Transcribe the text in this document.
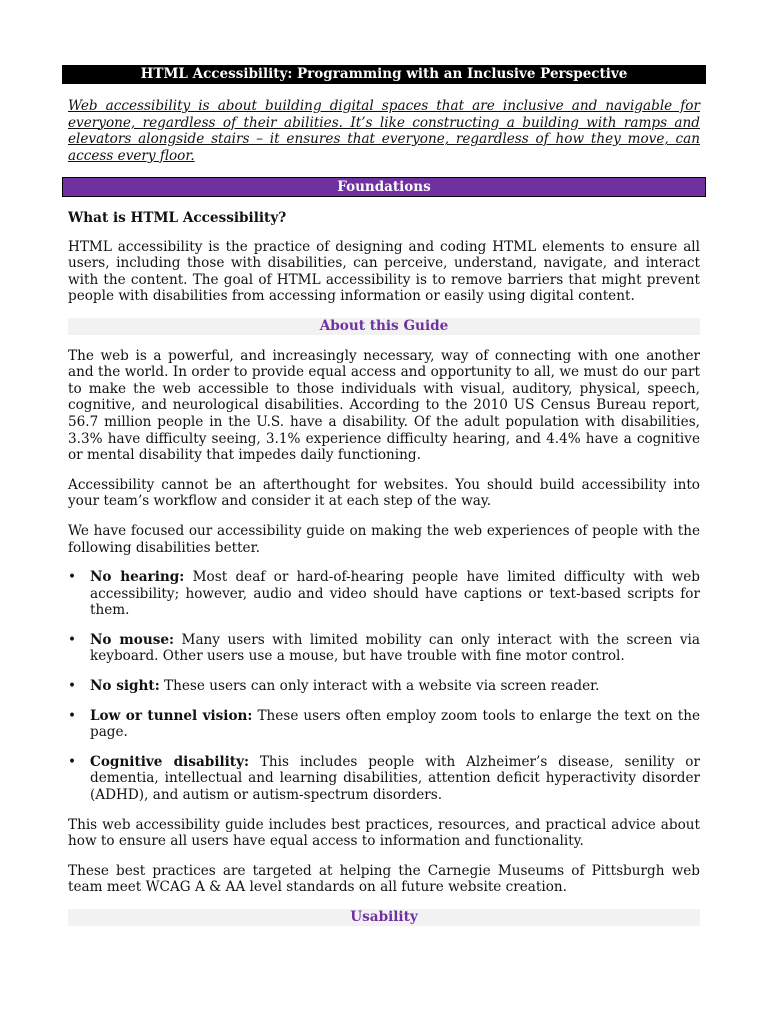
HTML Accessibility: Programming with an Inclusive Perspective

Web accessibility is about building digital spaces that are inclusive and navigable for everyone, regardless of their abilities. It’s like constructing a building with ramps and elevators alongside stairs – it ensures that everyone, regardless of how they move, can access every floor.

Foundations
What is HTML Accessibility?

HTML accessibility is the practice of designing and coding HTML elements to ensure all users, including those with disabilities, can perceive, understand, navigate, and interact with the content. The goal of HTML accessibility is to remove barriers that might prevent people with disabilities from accessing information or easily using digital content.

About this Guide

The web is a powerful, and increasingly necessary, way of connecting with one another and the world. In order to provide equal access and opportunity to all, we must do our part to make the web accessible to those individuals with visual, auditory, physical, speech, cognitive, and neurological disabilities. According to the 2010 US Census Bureau report, 56.7 million people in the U.S. have a disability. Of the adult population with disabilities, 3.3% have difficulty seeing, 3.1% experience difficulty hearing, and 4.4% have a cognitive or mental disability that impedes daily functioning.

Accessibility cannot be an afterthought for websites. You should build accessibility into your team’s workflow and consider it at each step of the way.

We have focused our accessibility guide on making the web experiences of people with the following disabilities better.

•	No hearing: Most deaf or hard-of-hearing people have limited difficulty with web accessibility; however, audio and video should have captions or text-based scripts for them.
•	No mouse: Many users with limited mobility can only interact with the screen via keyboard. Other users use a mouse, but have trouble with fine motor control.
•	No sight: These users can only interact with a website via screen reader.
•	Low or tunnel vision: These users often employ zoom tools to enlarge the text on the page.
•	Cognitive disability: This includes people with Alzheimer’s disease, senility or dementia, intellectual and learning disabilities, attention deficit hyperactivity disorder (ADHD), and autism or autism-spectrum disorders.

This web accessibility guide includes best practices, resources, and practical advice about how to ensure all users have equal access to information and functionality.

These best practices are targeted at helping the Carnegie Museums of Pittsburgh web team meet WCAG A & AA level standards on all future website creation.

Usability
